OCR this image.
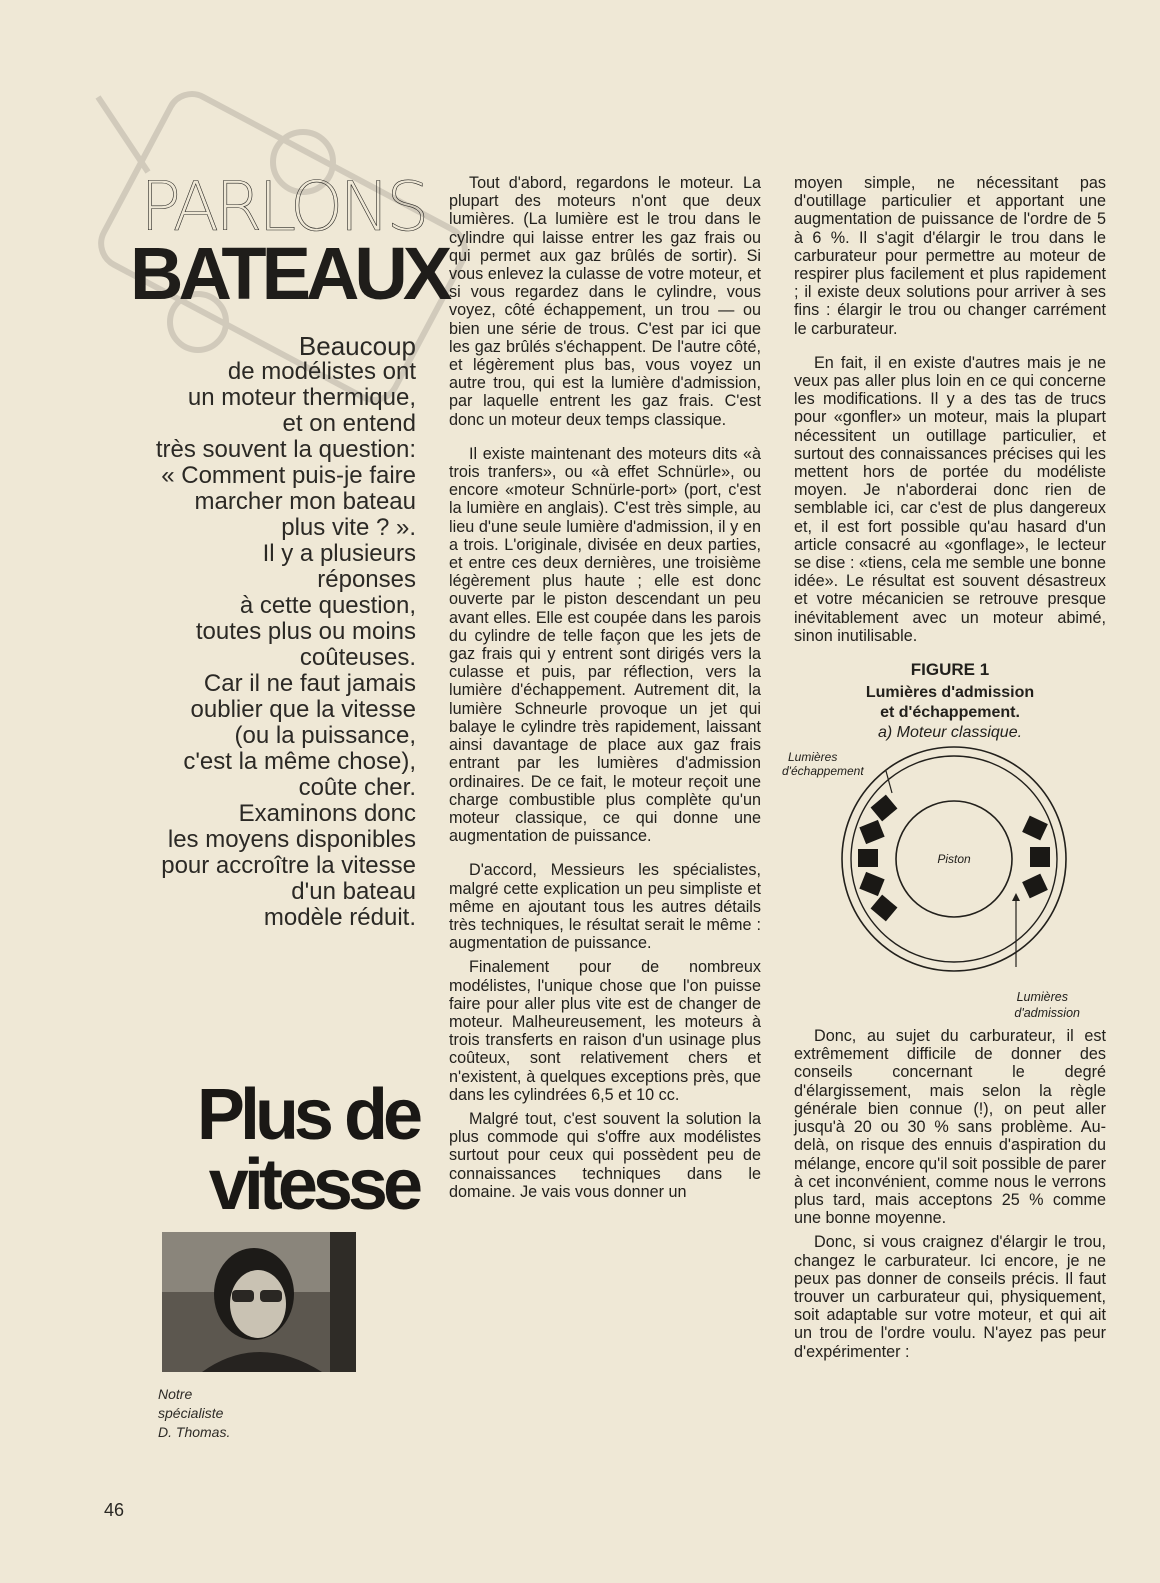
PARLONS
BATEAUX

Beaucoup

de modélistes ont

un moteur thermique,

et on entend

très souvent la question:

« Comment puis-je faire

marcher mon bateau

plus vite ? ».

Il y a plusieurs

réponses

à cette question,

toutes plus ou moins

coûteuses.

Car il ne faut jamais

oublier que la vitesse

(ou la puissance,

c'est la même chose),

coûte cher.

Examinons donc

les moyens disponibles

pour accroître la vitesse

d'un bateau

modèle réduit.

Plus de
vitesse
Notre
spécialiste
D. Thomas.

Tout d'abord, regardons le moteur. La plupart des moteurs n'ont que deux lumières. (La lumière est le trou dans le cylindre qui laisse entrer les gaz frais ou qui permet aux gaz brûlés de sortir). Si vous enlevez la culasse de votre moteur, et si vous regardez dans le cylindre, vous voyez, côté échappement, un trou — ou bien une série de trous. C'est par ici que les gaz brûlés s'échappent. De l'autre côté, et légèrement plus bas, vous voyez un autre trou, qui est la lumière d'admission, par laquelle entrent les gaz frais. C'est donc un moteur deux temps classique.

Il existe maintenant des moteurs dits «à trois tranfers», ou «à effet Schnürle», ou encore «moteur Schnürle-port» (port, c'est la lumière en anglais). C'est très simple, au lieu d'une seule lumière d'admission, il y en a trois. L'originale, divisée en deux parties, et entre ces deux dernières, une troisième légèrement plus haute ; elle est donc ouverte par le piston descendant un peu avant elles. Elle est coupée dans les parois du cylindre de telle façon que les jets de gaz frais qui y entrent sont dirigés vers la culasse et puis, par réflection, vers la lumière d'échappement. Autrement dit, la lumière Schneurle provoque un jet qui balaye le cylindre très rapidement, laissant ainsi davantage de place aux gaz frais entrant par les lumières d'admission ordinaires. De ce fait, le moteur reçoit une charge combustible plus complète qu'un moteur classique, ce qui donne une augmentation de puissance.

D'accord, Messieurs les spécialistes, malgré cette explication un peu simpliste et même en ajoutant tous les autres détails très techniques, le résultat serait le même : augmentation de puissance.

Finalement pour de nombreux modélistes, l'unique chose que l'on puisse faire pour aller plus vite est de changer de moteur. Malheureusement, les moteurs à trois transferts en raison d'un usinage plus coûteux, sont relativement chers et n'existent, à quelques exceptions près, que dans les cylindrées 6,5 et 10 cc.

Malgré tout, c'est souvent la solution la plus commode qui s'offre aux modélistes surtout pour ceux qui possèdent peu de connaissances techniques dans le domaine. Je vais vous donner un

moyen simple, ne nécessitant pas d'outillage particulier et apportant une augmentation de puissance de l'ordre de 5 à 6 %. Il s'agit d'élargir le trou dans le carburateur pour permettre au moteur de respirer plus facilement et plus rapidement ; il existe deux solutions pour arriver à ses fins : élargir le trou ou changer carrément le carburateur.

En fait, il en existe d'autres mais je ne veux pas aller plus loin en ce qui concerne les modifications. Il y a des tas de trucs pour «gonfler» un moteur, mais la plupart nécessitent un outillage particulier, et surtout des connaissances précises qui les mettent hors de portée du modéliste moyen. Je n'aborderai donc rien de semblable ici, car c'est de plus dangereux et, il est fort possible qu'au hasard d'un article consacré au «gonflage», le lecteur se dise : «tiens, cela me semble une bonne idée». Le résultat est souvent désastreux et votre mécanicien se retrouve presque inévitablement avec un moteur abimé, sinon inutilisable.

FIGURE 1
Lumières d'admission
et d'échappement.
a) Moteur classique.
Piston
Lumières
d'échappement
Lumières
d'admission

Donc, au sujet du carburateur, il est extrêmement difficile de donner des conseils concernant le degré d'élargissement, mais selon la règle générale bien connue (!), on peut aller jusqu'à 20 ou 30 % sans problème. Au-delà, on risque des ennuis d'aspiration du mélange, encore qu'il soit possible de parer à cet inconvénient, comme nous le verrons plus tard, mais acceptons 25 % comme une bonne moyenne.

Donc, si vous craignez d'élargir le trou, changez le carburateur. Ici encore, je ne peux pas donner de conseils précis. Il faut trouver un carburateur qui, physiquement, soit adaptable sur votre moteur, et qui ait un trou de l'ordre voulu. N'ayez pas peur d'expérimenter :

46
